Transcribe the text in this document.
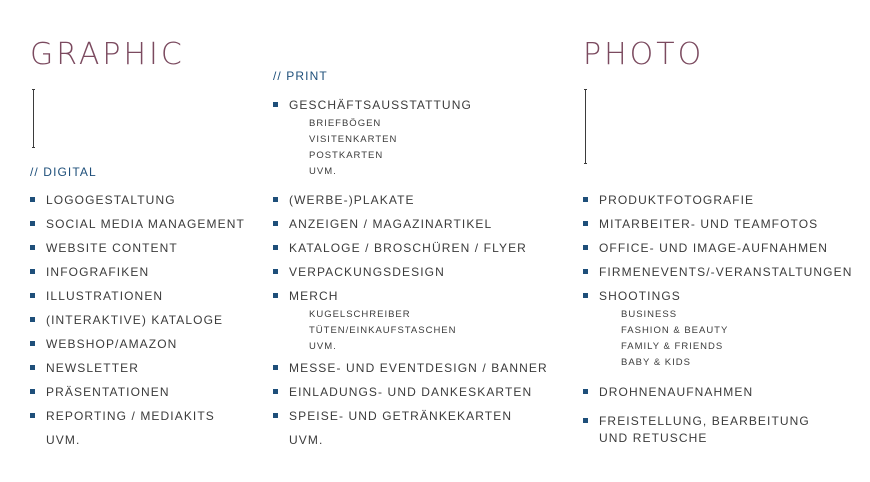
GRAPHIC
// DIGITAL
LOGOGESTALTUNG
SOCIAL MEDIA MANAGEMENT
WEBSITE CONTENT
INFOGRAFIKEN
ILLUSTRATIONEN
(INTERAKTIVE) KATALOGE
WEBSHOP/AMAZON
NEWSLETTER
PRÄSENTATIONEN
REPORTING / MEDIAKITS
UVM.
// PRINT
GESCHÄFTSAUSSTATTUNG
BRIEFBÖGEN
VISITENKARTEN
POSTKARTEN
UVM.
(WERBE-)PLAKATE
ANZEIGEN / MAGAZINARTIKEL
KATALOGE / BROSCHÜREN / FLYER
VERPACKUNGSDESIGN
MERCH
KUGELSCHREIBER
TÜTEN/EINKAUFSTASCHEN
UVM.
MESSE- UND EVENTDESIGN / BANNER
EINLADUNGS- UND DANKESKARTEN
SPEISE- UND GETRÄNKEKARTEN
UVM.
PHOTO
PRODUKTFOTOGRAFIE
MITARBEITER- UND TEAMFOTOS
OFFICE- UND IMAGE-AUFNAHMEN
FIRMENEVENTS/-VERANSTALTUNGEN
SHOOTINGS
BUSINESS
FASHION & BEAUTY
FAMILY & FRIENDS
BABY & KIDS
DROHNENAUFNAHMEN
FREISTELLUNG, BEARBEITUNG
UND RETUSCHE
